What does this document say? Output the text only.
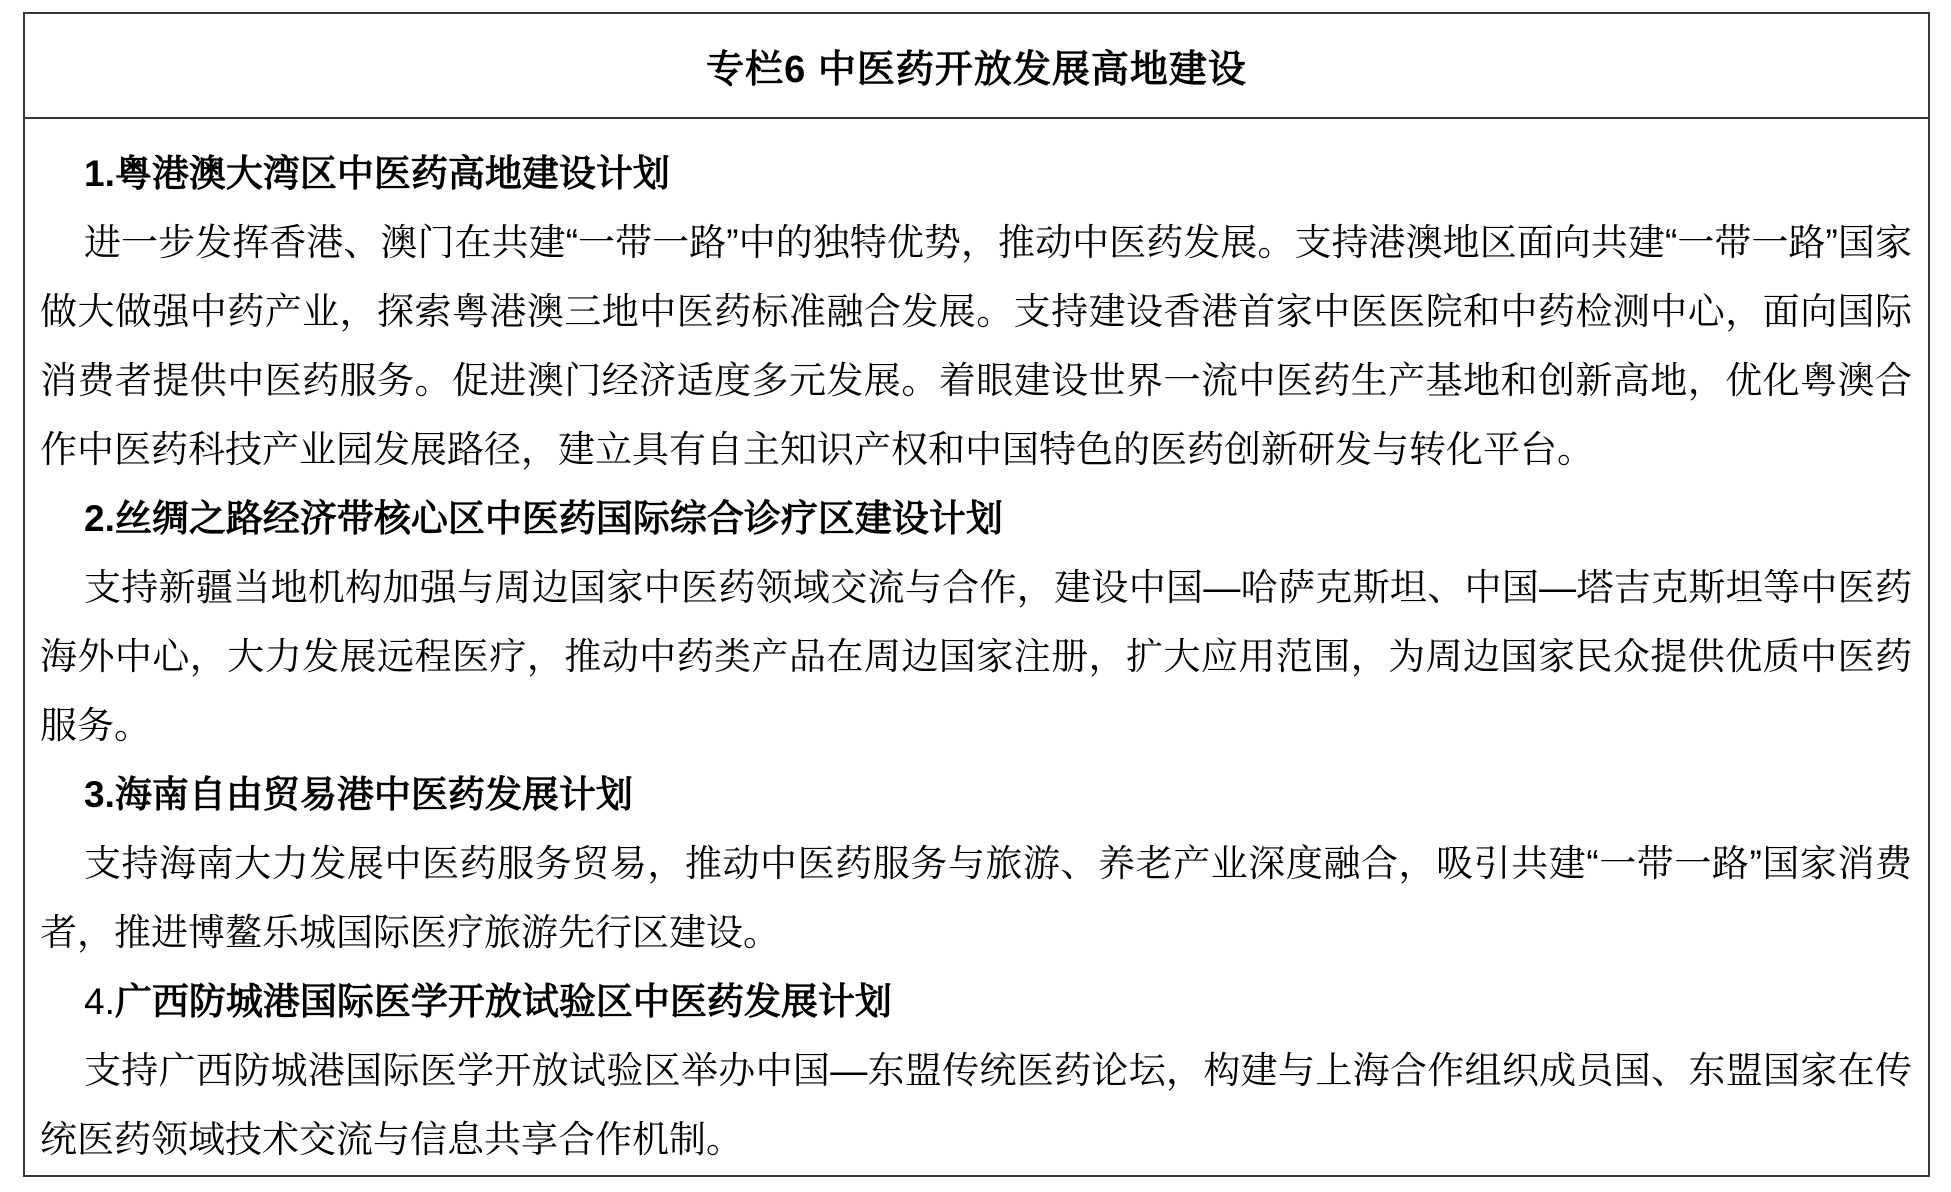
专栏6 中医药开放发展高地建设
1.粤港澳大湾区中医药高地建设计划

进一步发挥香港、澳门在共建“一带一路”中的独特优势，推动中医药发展。支持港澳地区面向共建“一带一路”国家做大做强中药产业，探索粤港澳三地中医药标准融合发展。支持建设香港首家中医医院和中药检测中心，面向国际消费者提供中医药服务。促进澳门经济适度多元发展。着眼建设世界一流中医药生产基地和创新高地，优化粤澳合作中医药科技产业园发展路径，建立具有自主知识产权和中国特色的医药创新研发与转化平台。

2.丝绸之路经济带核心区中医药国际综合诊疗区建设计划

支持新疆当地机构加强与周边国家中医药领域交流与合作，建设中国—哈萨克斯坦、中国—塔吉克斯坦等中医药海外中心，大力发展远程医疗，推动中药类产品在周边国家注册，扩大应用范围，为周边国家民众提供优质中医药服务。

3.海南自由贸易港中医药发展计划

支持海南大力发展中医药服务贸易，推动中医药服务与旅游、养老产业深度融合，吸引共建“一带一路”国家消费者，推进博鳌乐城国际医疗旅游先行区建设。

4.广西防城港国际医学开放试验区中医药发展计划

支持广西防城港国际医学开放试验区举办中国—东盟传统医药论坛，构建与上海合作组织成员国、东盟国家在传统医药领域技术交流与信息共享合作机制。
